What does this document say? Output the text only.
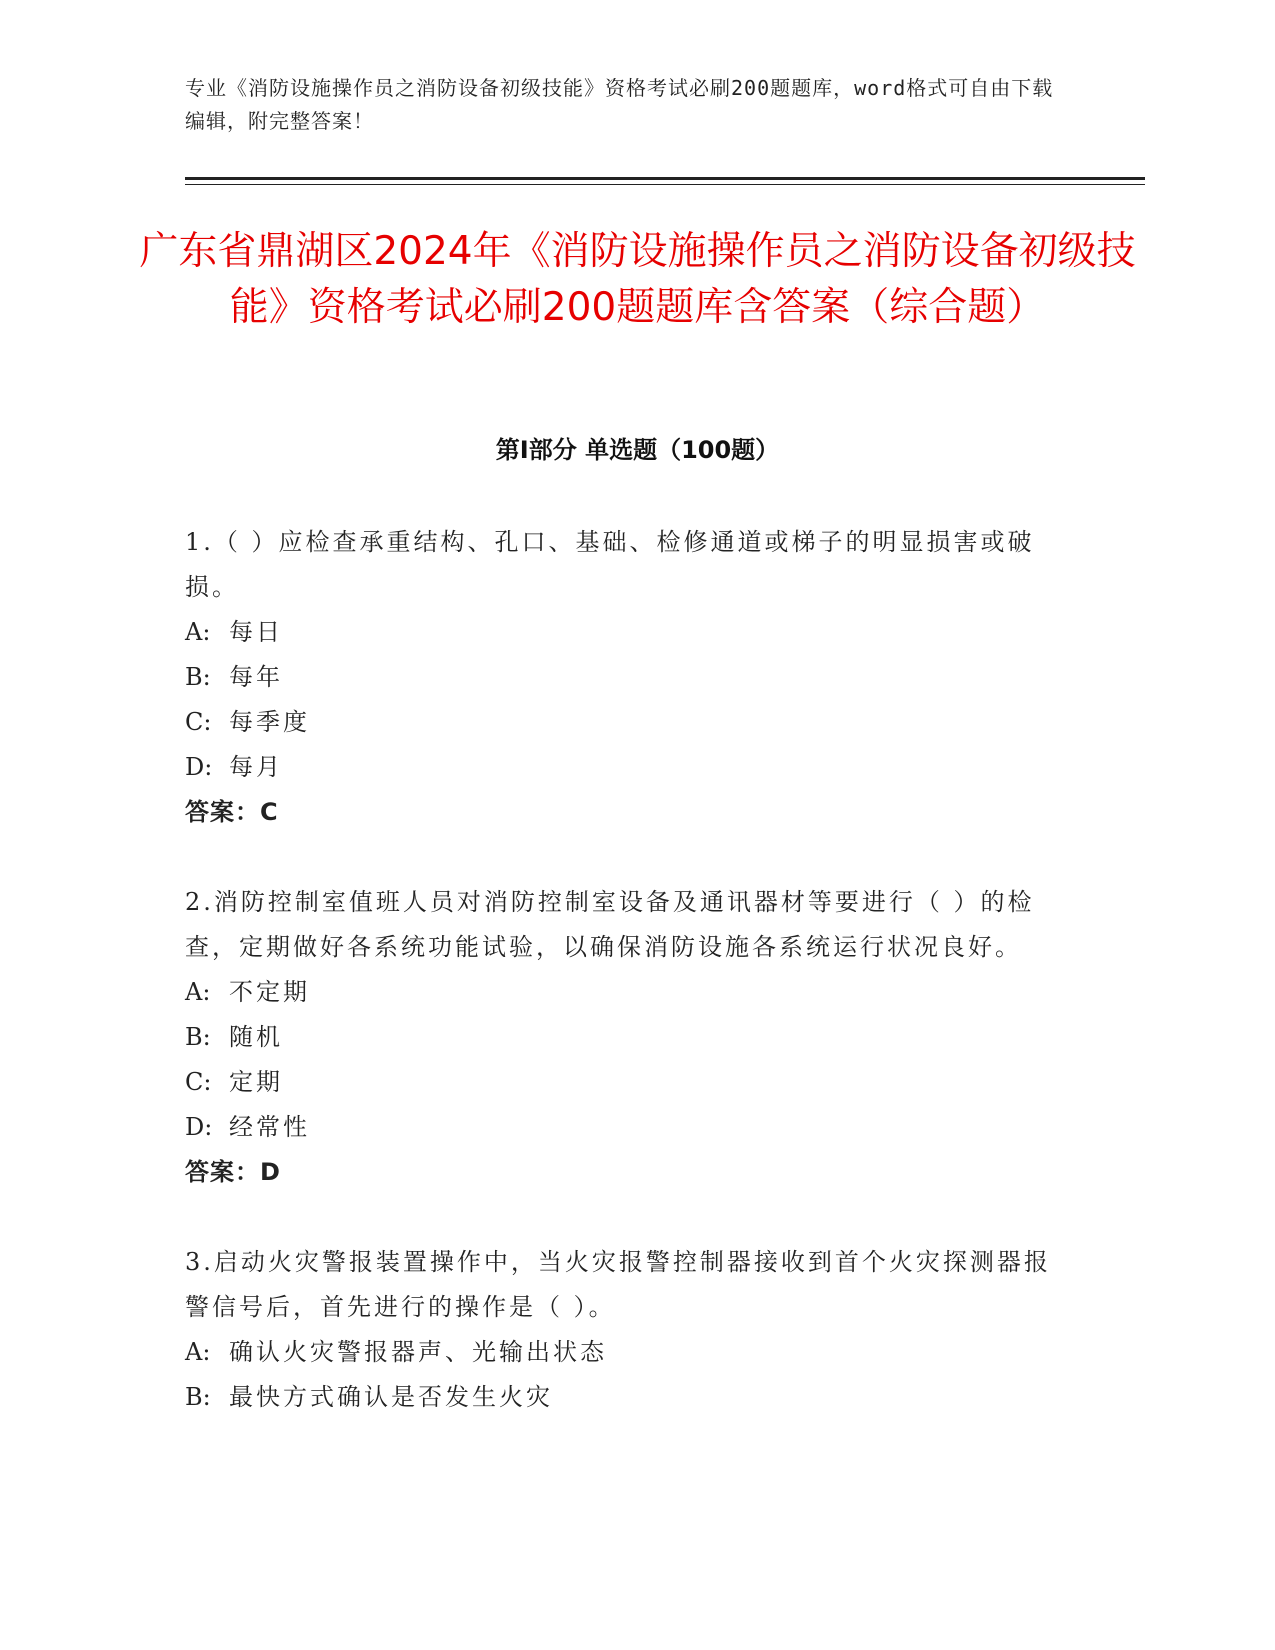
专业《消防设施操作员之消防设备初级技能》资格考试必刷200题题库，word格式可自由下载编辑，附完整答案！
广东省鼎湖区2024年《消防设施操作员之消防设备初级技能》资格考试必刷200题题库含答案（综合题）
第Ⅰ部分 单选题（100题）
1.（ ）应检查承重结构、孔口、基础、检修通道或梯子的明显损害或破损。
A: 每日
B: 每年
C: 每季度
D: 每月
答案：C
2.消防控制室值班人员对消防控制室设备及通讯器材等要进行（ ）的检查，定期做好各系统功能试验，以确保消防设施各系统运行状况良好。
A: 不定期
B: 随机
C: 定期
D: 经常性
答案：D
3.启动火灾警报装置操作中，当火灾报警控制器接收到首个火灾探测器报警信号后，首先进行的操作是（ ）。
A: 确认火灾警报器声、光输出状态
B: 最快方式确认是否发生火灾
